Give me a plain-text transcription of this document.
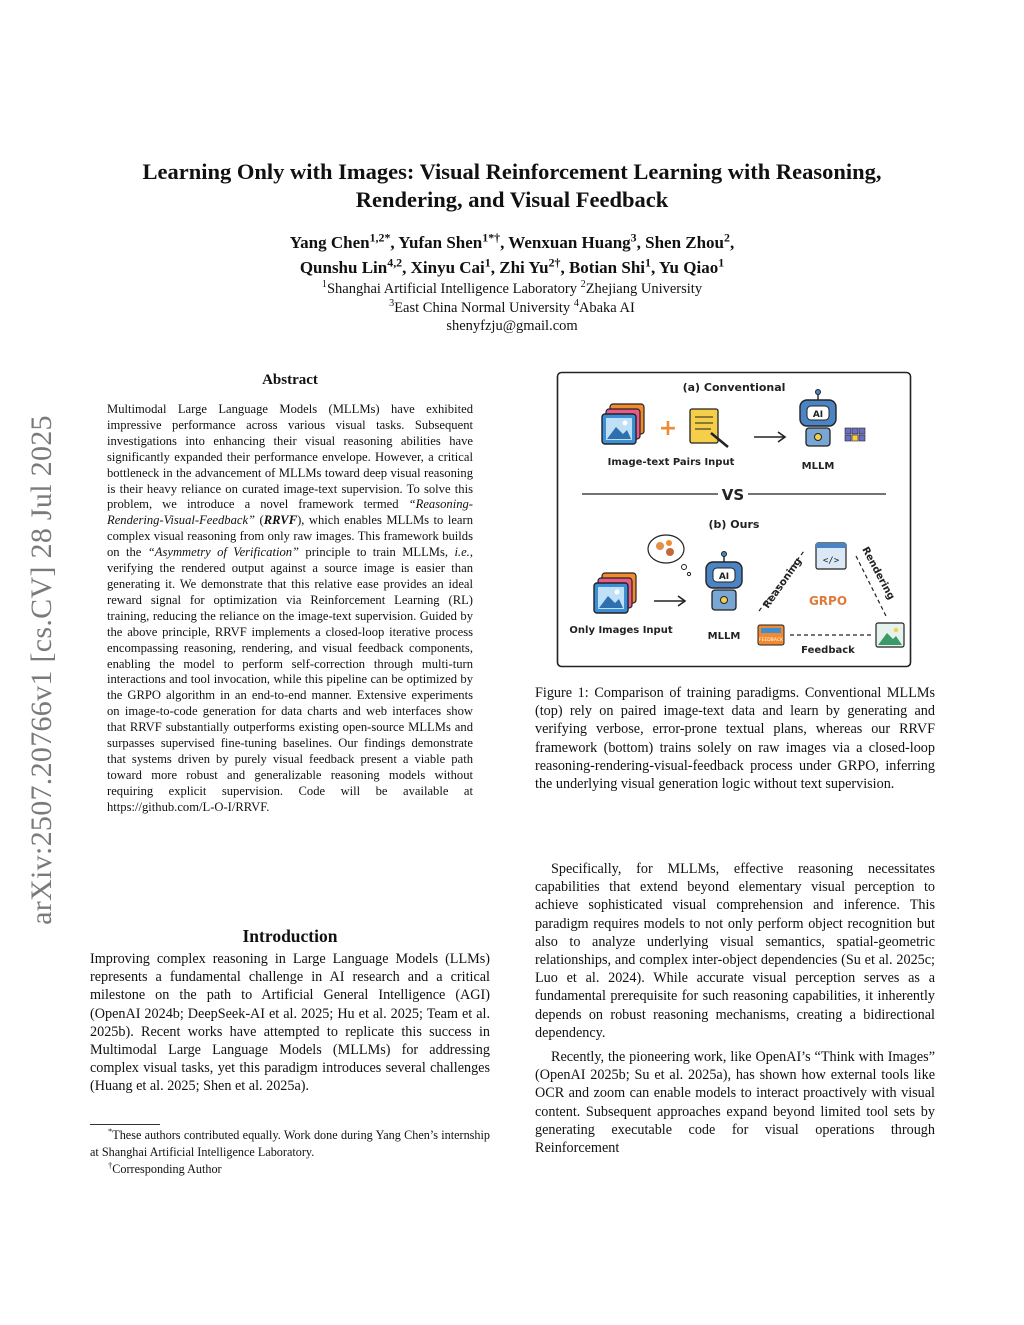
Learning Only with Images: Visual Reinforcement Learning with Reasoning, Rendering, and Visual Feedback
Yang Chen$^{1,2*}$, Yufan Shen$^{1*\dagger}$, Wenxuan Huang$^3$, Shen Zhou$^2$,
Qunshu Lin$^{4,2}$, Xinyu Cai$^1$, Zhi $Yu^{2\dagger}$, Botian Shi$^1$, Yu Qiao$^1$
$^1$Shanghai Artificial Intelligence Laboratory $^2$Zhejiang University
$^3$East China Normal University $^4$Abaka AI
shenyfzju@gmail.com
arXiv:2507.20766v1 [cs.CV] 28 Jul 2025
Abstract
Multimodal Large Language Models (MLLMs) have exhibited impressive performance across various visual tasks. Subsequent investigations into enhancing their visual reasoning abilities have significantly expanded their performance envelope. However, a critical bottleneck in the advancement of MLLMs toward deep visual reasoning is their heavy reliance on curated image-text supervision. To solve this problem, we introduce a novel framework termed “Reasoning-Rendering-Visual-Feedback” (RRVF), which enables MLLMs to learn complex visual reasoning from only raw images. This framework builds on the “Asymmetry of Verification” principle to train MLLMs, i.e., verifying the rendered output against a source image is easier than generating it. We demonstrate that this relative ease provides an ideal reward signal for optimization via Reinforcement Learning (RL) training, reducing the reliance on the image-text supervision. Guided by the above principle, RRVF implements a closed-loop iterative process encompassing reasoning, rendering, and visual feedback components, enabling the model to perform self-correction through multi-turn interactions and tool invocation, while this pipeline can be optimized by the GRPO algorithm in an end-to-end manner. Extensive experiments on image-to-code generation for data charts and web interfaces show that RRVF substantially outperforms existing open-source MLLMs and surpasses supervised fine-tuning baselines. Our findings demonstrate that systems driven by purely visual feedback present a viable path toward more robust and generalizable reasoning models without requiring explicit supervision. Code will be available at https://github.com/L-O-I/RRVF.
Introduction
Improving complex reasoning in Large Language Models (LLMs) represents a fundamental challenge in AI research and a critical milestone on the path to Artificial General Intelligence (AGI) (OpenAI 2024b; DeepSeek-AI et al. 2025; Hu et al. 2025; Team et al. 2025b). Recent works have attempted to replicate this success in Multimodal Large Language Models (MLLMs) for addressing complex visual tasks, yet this paradigm introduces several challenges (Huang et al. 2025; Shen et al. 2025a).

*These authors contributed equally. Work done during Yang Chen’s internship at Shanghai Artificial Intelligence Laboratory.

†Corresponding Author

(a) Conventional
+
Image-text Pairs Input
AI
MLLM
VS
(b) Ours
Only Images Input
AI
MLLM
</>
Reasoning	Rendering
GRPO
Feedback
FEEDBACK
Figure 1: Comparison of training paradigms. Conventional MLLMs (top) rely on paired image-text data and learn by generating and verifying verbose, error-prone textual plans, whereas our RRVF framework (bottom) trains solely on raw images via a closed-loop reasoning-rendering-visual-feedback process under GRPO, inferring the underlying visual generation logic without text supervision.

Specifically, for MLLMs, effective reasoning necessitates capabilities that extend beyond elementary visual perception to achieve sophisticated visual comprehension and inference. This paradigm requires models to not only perform object recognition but also to analyze underlying visual semantics, spatial-geometric relationships, and complex inter-object dependencies (Su et al. 2025c; Luo et al. 2024). While accurate visual perception serves as a fundamental prerequisite for such reasoning capabilities, it inherently depends on robust reasoning mechanisms, creating a bidirectional dependency.

Recently, the pioneering work, like OpenAI’s “Think with Images” (OpenAI 2025b; Su et al. 2025a), has shown how external tools like OCR and zoom can enable models to interact proactively with visual content. Subsequent approaches expand beyond limited tool sets by generating executable code for visual operations through Reinforcement
